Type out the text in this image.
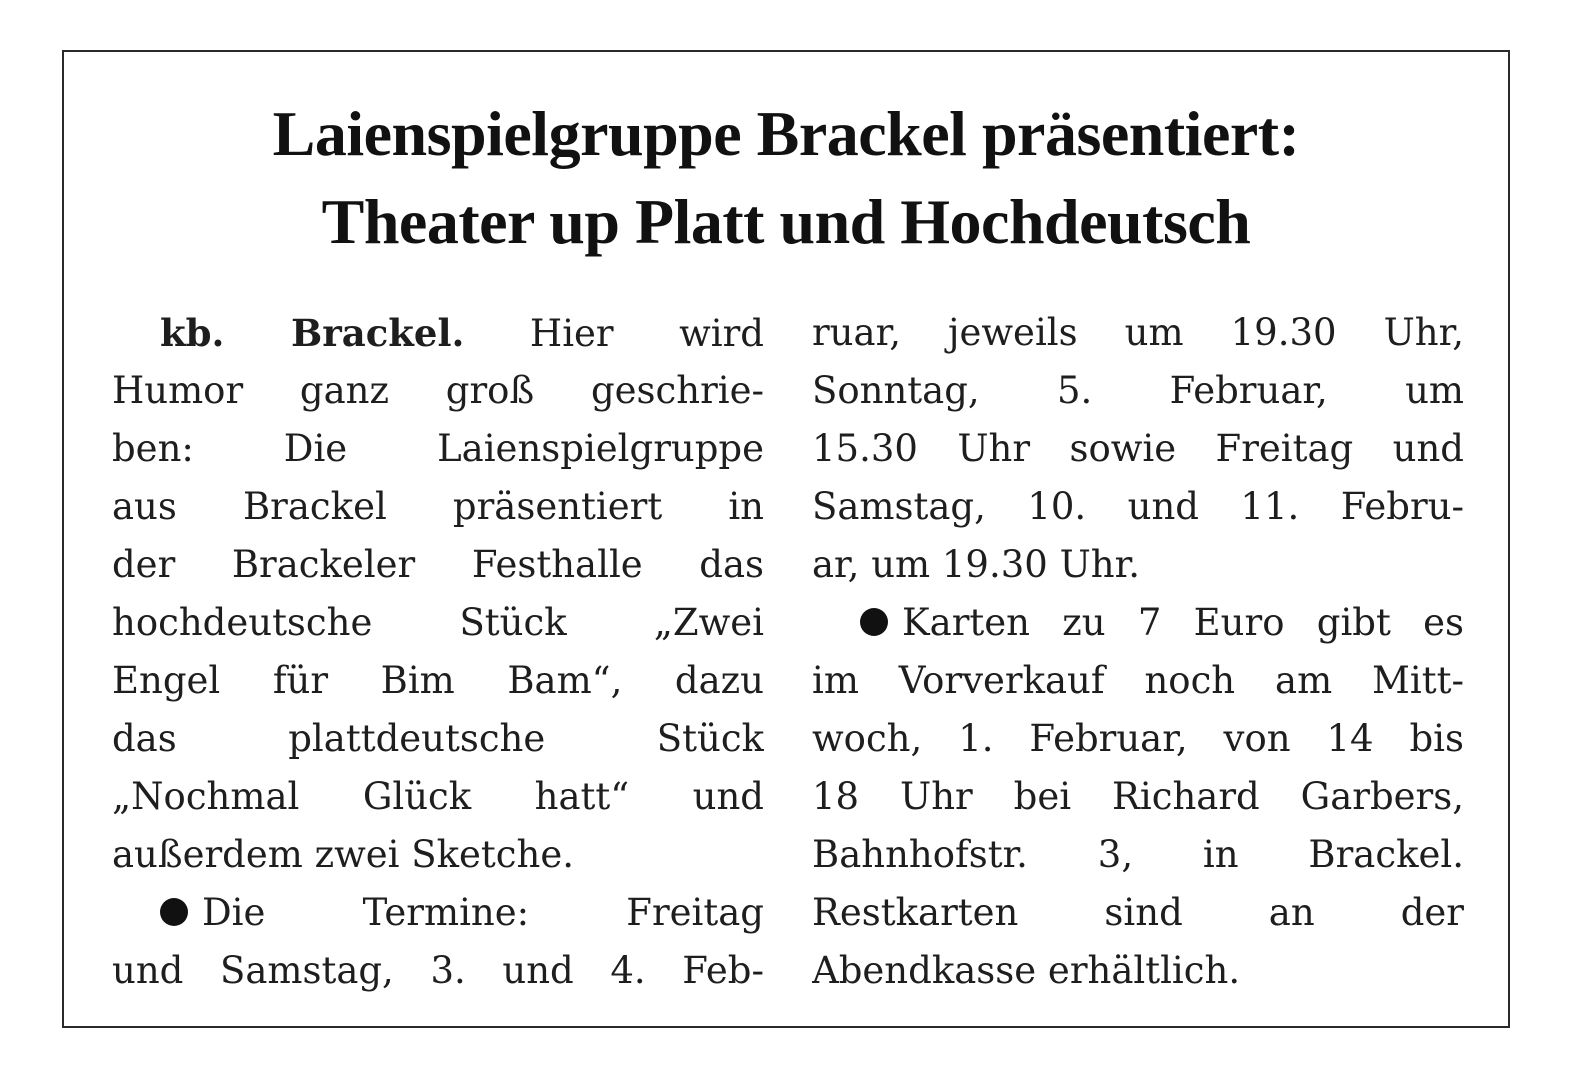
Laienspielgruppe Brackel präsentiert:
Theater up Platt und Hochdeutsch
kb. Brackel. Hier wird
Humor ganz groß geschrie-
ben: Die Laienspielgruppe
aus Brackel präsentiert in
der Brackeler Festhalle das
hochdeutsche Stück „Zwei
Engel für Bim Bam“, dazu
das plattdeutsche Stück
„Nochmal Glück hatt“ und
außerdem zwei Sketche.
Die Termine: Freitag
und Samstag, 3. und 4. Feb-
ruar, jeweils um 19.30 Uhr,
Sonntag, 5. Februar, um
15.30 Uhr sowie Freitag und
Samstag, 10. und 11. Febru-
ar, um 19.30 Uhr.
Karten zu 7 Euro gibt es
im Vorverkauf noch am Mitt-
woch, 1. Februar, von 14 bis
18 Uhr bei Richard Garbers,
Bahnhofstr. 3, in Brackel.
Restkarten sind an der
Abendkasse erhältlich.
